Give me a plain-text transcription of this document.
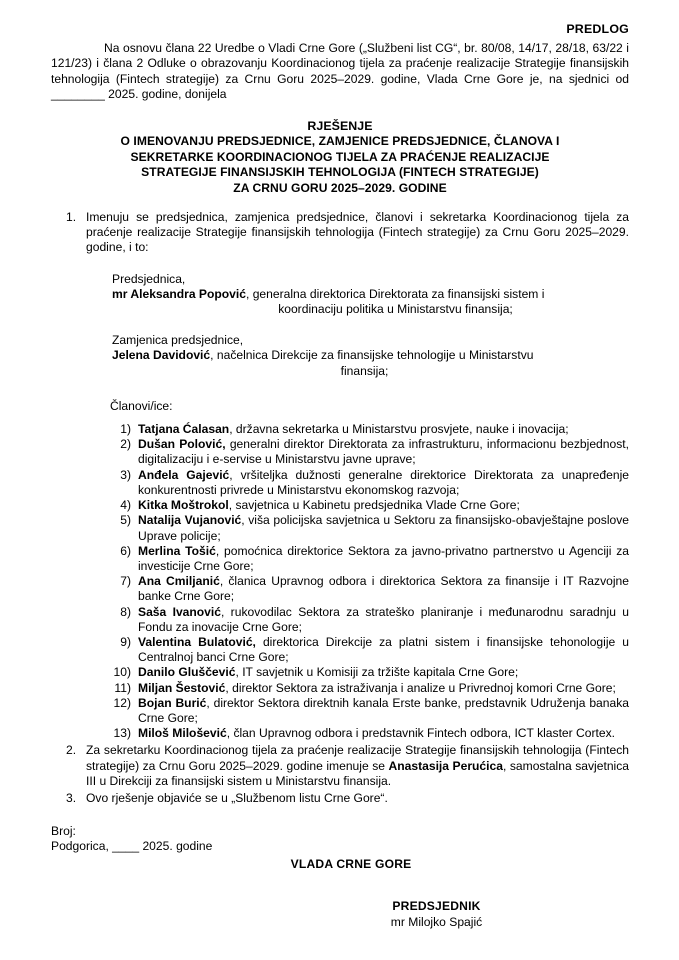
PREDLOG

Na osnovu člana 22 Uredbe o Vladi Crne Gore („Službeni list CG“, br. 80/08, 14/17, 28/18, 63/22 i 121/23) i člana 2 Odluke o obrazovanju Koordinacionog tijela za praćenje realizacije Strategije finansijskih tehnologija (Fintech strategije) za Crnu Goru 2025–2029. godine, Vlada Crne Gore je, na sjednici od ________ 2025. godine, donijela

RJEŠENJE
O IMENOVANJU PREDSJEDNICE, ZAMJENICE PREDSJEDNICE, ČLANOVA I
SEKRETARKE KOORDINACIONOG TIJELA ZA PRAĆENJE REALIZACIJE
STRATEGIJE FINANSIJSKIH TEHNOLOGIJA (FINTECH STRATEGIJE)
ZA CRNU GORU 2025–2029. GODINE
1. Imenuju se predsjednica, zamjenica predsjednice, članovi i sekretarka Koordinacionog tijela za praćenje realizacije Strategije finansijskih tehnologija (Fintech strategije) za Crnu Goru 2025–2029. godine, i to:
Predsjednica,
mr Aleksandra Popović, generalna direktorica Direktorata za finansijski sistem i
koordinaciju politika u Ministarstvu finansija;
Zamjenica predsjednice,
Jelena Davidović, načelnica Direkcije za finansijske tehnologije u Ministarstvu
finansija;
Članovi/ice:
1) Tatjana Ćalasan, državna sekretarka u Ministarstvu prosvjete, nauke i inovacija;
2) Dušan Polović, generalni direktor Direktorata za infrastrukturu, informacionu bezbjednost, digitalizaciju i e-servise u Ministarstvu javne uprave;
3) Anđela Gajević, vršiteljka dužnosti generalne direktorice Direktorata za unapređenje konkurentnosti privrede u Ministarstvu ekonomskog razvoja;
4) Kitka Moštrokol, savjetnica u Kabinetu predsjednika Vlade Crne Gore;
5) Natalija Vujanović, viša policijska savjetnica u Sektoru za finansijsko-obavještajne poslove Uprave policije;
6) Merlina Tošić, pomoćnica direktorice Sektora za javno-privatno partnerstvo u Agenciji za investicije Crne Gore;
7) Ana Cmiljanić, članica Upravnog odbora i direktorica Sektora za finansije i IT Razvojne banke Crne Gore;
8) Saša Ivanović, rukovodilac Sektora za strateško planiranje i međunarodnu saradnju u Fondu za inovacije Crne Gore;
9) Valentina Bulatović, direktorica Direkcije za platni sistem i finansijske tehonologije u Centralnoj banci Crne Gore;
10) Danilo Gluščević, IT savjetnik u Komisiji za tržište kapitala Crne Gore;
11) Miljan Šestović, direktor Sektora za istraživanja i analize u Privrednoj komori Crne Gore;
12) Bojan Burić, direktor Sektora direktnih kanala Erste banke, predstavnik Udruženja banaka Crne Gore;
13) Miloš Milošević, član Upravnog odbora i predstavnik Fintech odbora, ICT klaster Cortex.
2. Za sekretarku Koordinacionog tijela za praćenje realizacije Strategije finansijskih tehnologija (Fintech strategije) za Crnu Goru 2025–2029. godine imenuje se Anastasija Perućica, samostalna savjetnica III u Direkciji za finansijski sistem u Ministarstvu finansija.
3. Ovo rješenje objaviće se u „Službenom listu Crne Gore“.
Broj:
Podgorica, ____ 2025. godine
VLADA CRNE GORE
PREDSJEDNIK
mr Milojko Spajić
